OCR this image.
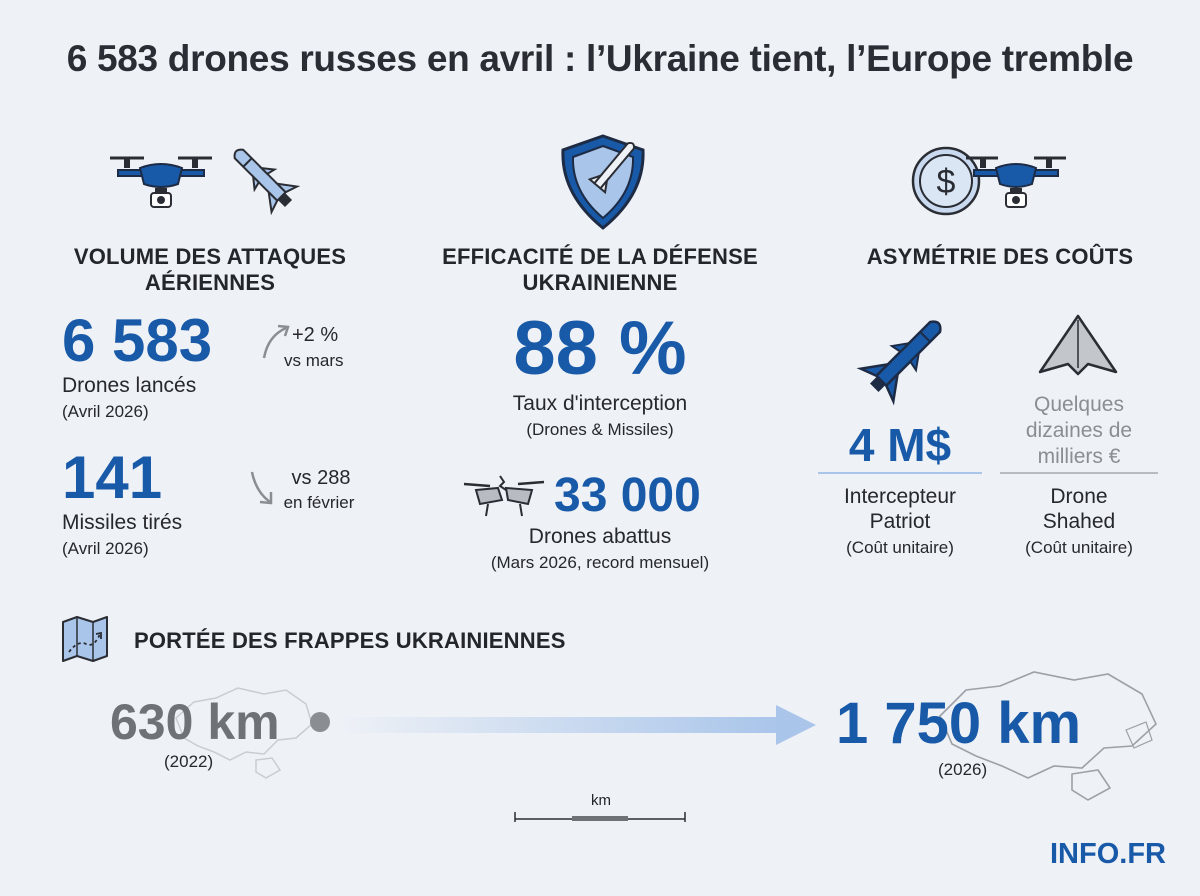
6 583 drones russes en avril : l’Ukraine tient, l’Europe tremble
VOLUME DES ATTAQUES
AÉRIENNES
6 583
Drones lancés
(Avril 2026)
+2 %
vs mars
141
Missiles tirés
(Avril 2026)
vs 288
en février
EFFICACITÉ DE LA DÉFENSE
UKRAINIENNE
88 %
Taux d'interception
(Drones & Missiles)
33 000
Drones abattus
(Mars 2026, record mensuel)
$
ASYMÉTRIE DES COÛTS
4 M$
Intercepteur
Patriot
(Coût unitaire)
Quelques
dizaines de
milliers €
Drone
Shahed
(Coût unitaire)
PORTÉE DES FRAPPES UKRAINIENNES
630 km
(2022)
1 750 km
(2026)
km
INFO.FR
